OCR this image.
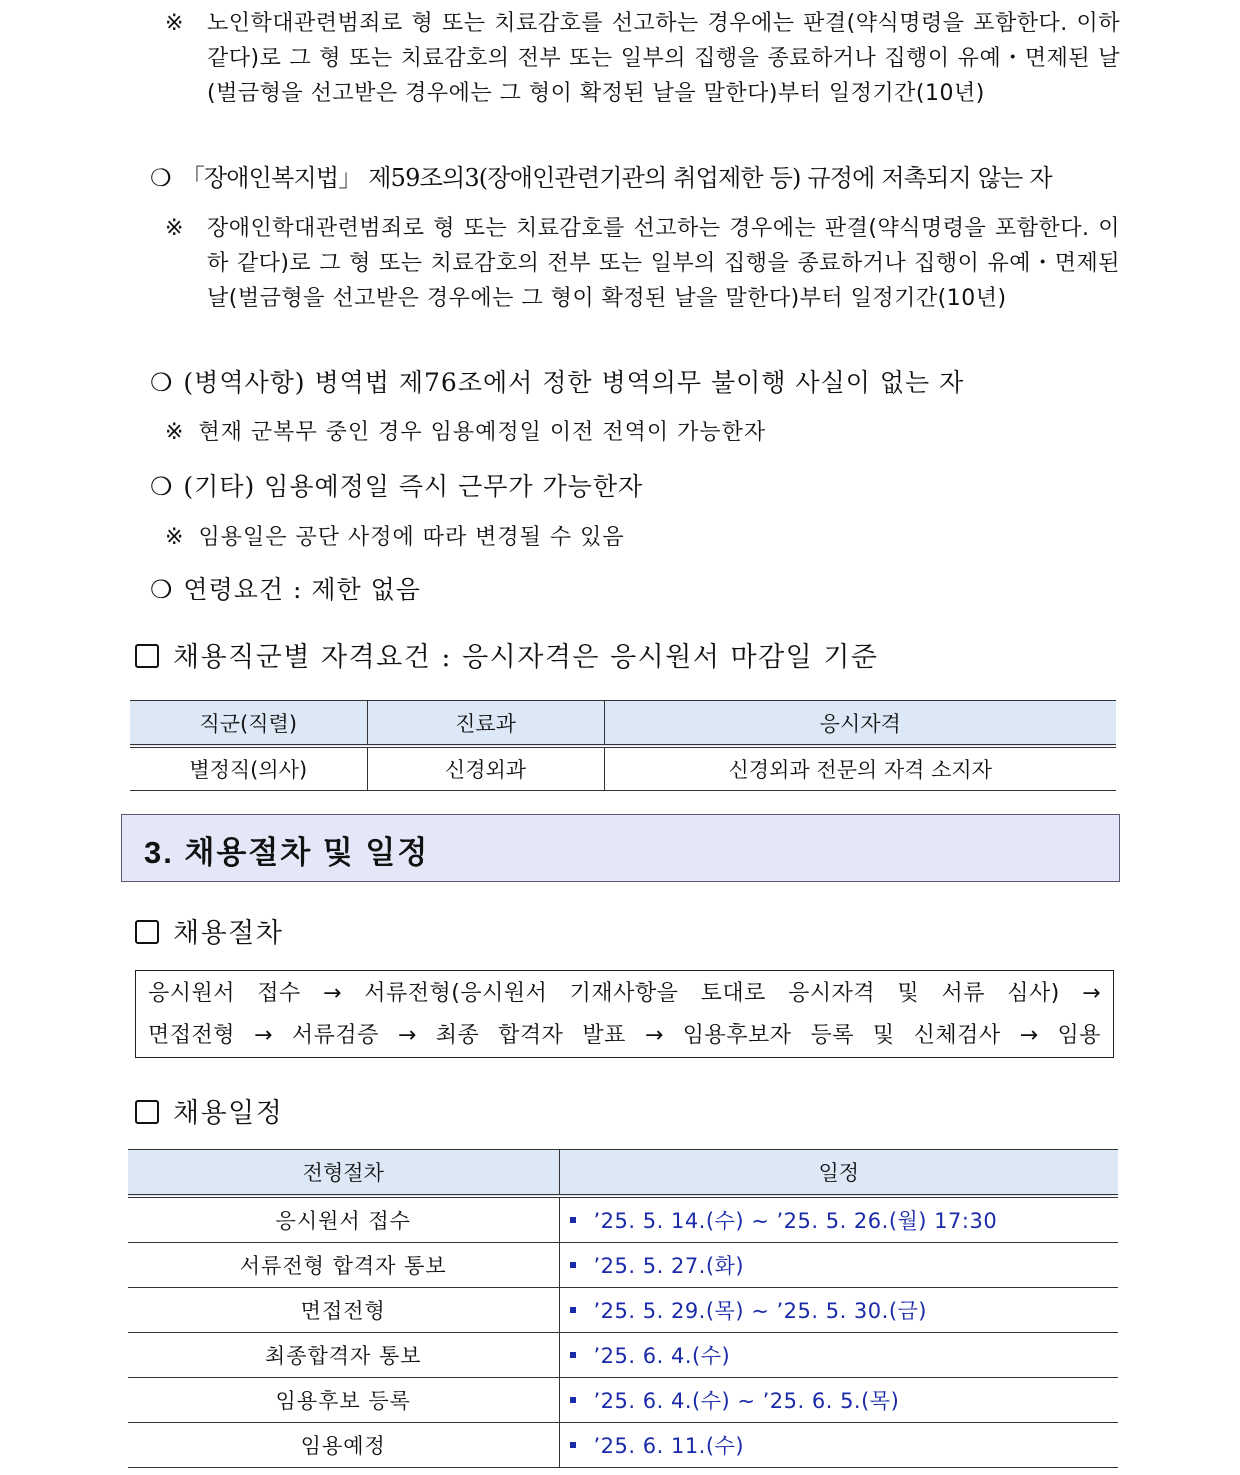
※ 노인학대관련범죄로 형 또는 치료감호를 선고하는 경우에는 판결(약식명령을 포함한다. 이하 같다)로 그 형 또는 치료감호의 전부 또는 일부의 집행을 종료하거나 집행이 유예・면제된 날(벌금형을 선고받은 경우에는 그 형이 확정된 날을 말한다)부터 일정기간(10년)
❍ 「장애인복지법」 제59조의3(장애인관련기관의 취업제한 등) 규정에 저촉되지 않는 자
※ 장애인학대관련범죄로 형 또는 치료감호를 선고하는 경우에는 판결(약식명령을 포함한다. 이하 같다)로 그 형 또는 치료감호의 전부 또는 일부의 집행을 종료하거나 집행이 유예・면제된 날(벌금형을 선고받은 경우에는 그 형이 확정된 날을 말한다)부터 일정기간(10년)
❍ (병역사항) 병역법 제76조에서 정한 병역의무 불이행 사실이 없는 자
※ 현재 군복무 중인 경우 임용예정일 이전 전역이 가능한자
❍ (기타) 임용예정일 즉시 근무가 가능한자
※ 임용일은 공단 사정에 따라 변경될 수 있음
❍ 연령요건 : 제한 없음
채용직군별 자격요건 : 응시자격은 응시원서 마감일 기준
직군(직렬)	진료과	응시자격
별정직(의사)	신경외과	신경외과 전문의 자격 소지자
3. 채용절차 및 일정
채용절차
응시원서 접수 → 서류전형(응시원서 기재사항을 토대로 응시자격 및 서류 심사) →
면접전형 → 서류검증 → 최종 합격자 발표 → 임용후보자 등록 및 신체검사 → 임용
채용일정
전형절차	일정
응시원서 접수	’25. 5. 14.(수) ∼ ’25. 5. 26.(월) 17:30
서류전형 합격자 통보	’25. 5. 27.(화)
면접전형	’25. 5. 29.(목) ∼ ’25. 5. 30.(금)
최종합격자 통보	’25. 6. 4.(수)
임용후보 등록	’25. 6. 4.(수) ∼ ’25. 6. 5.(목)
임용예정	’25. 6. 11.(수)
